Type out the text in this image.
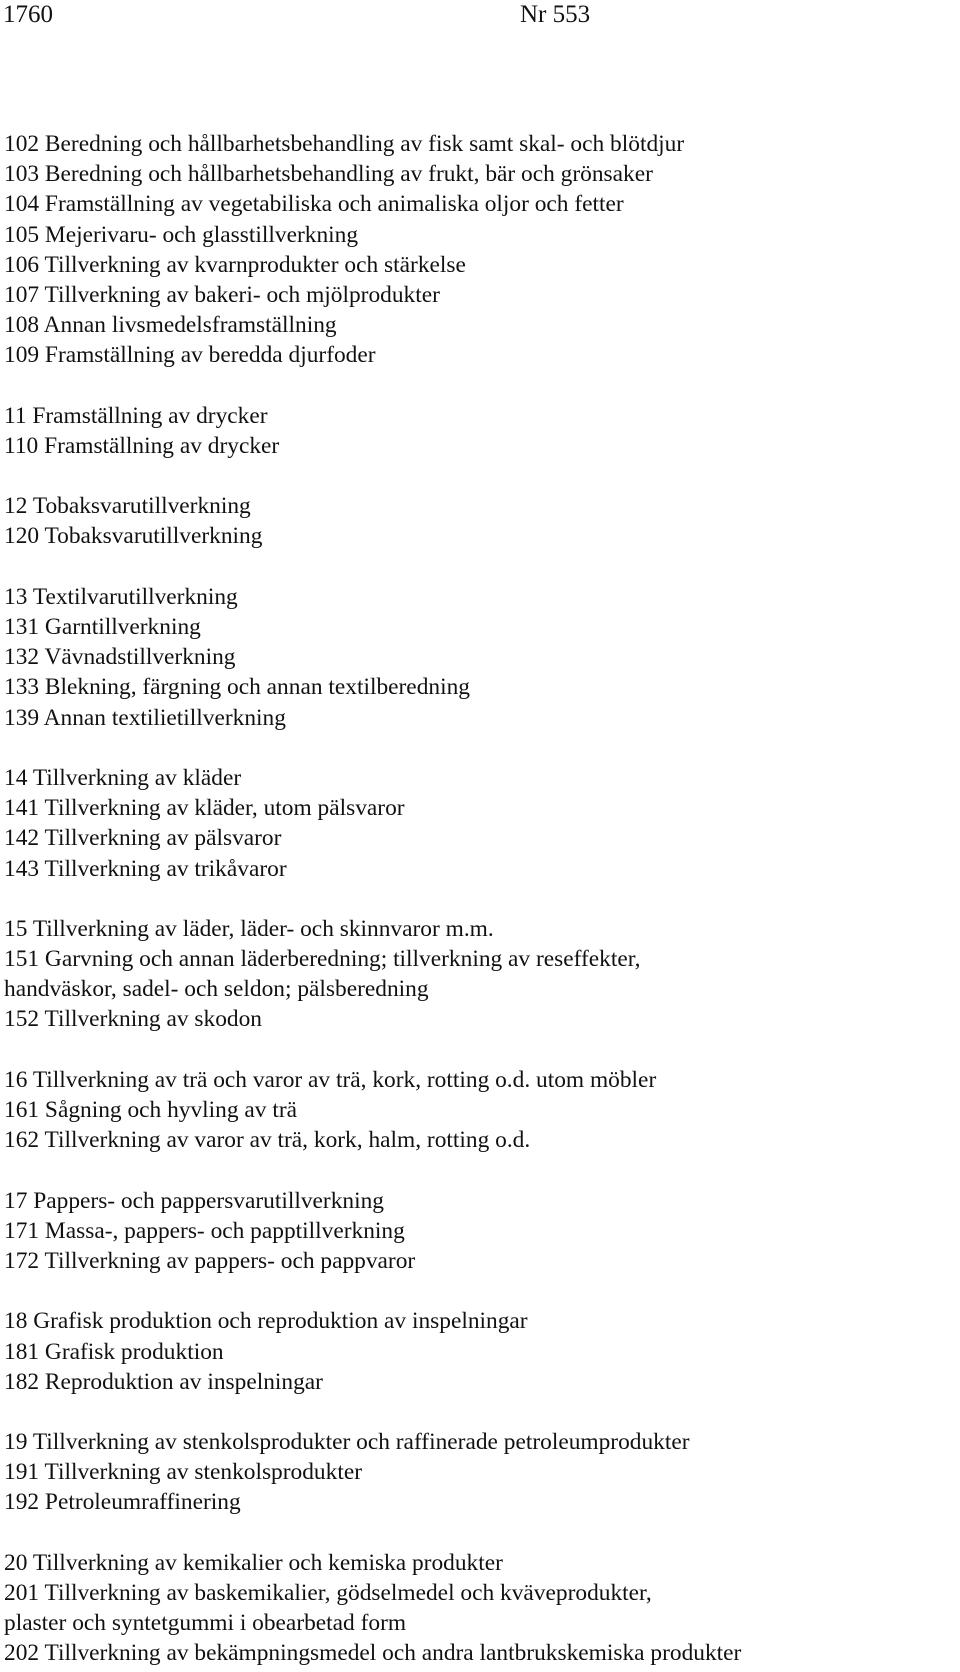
1760	Nr 553
102 Beredning och hållbarhetsbehandling av fisk samt skal- och blötdjur
103 Beredning och hållbarhetsbehandling av frukt, bär och grönsaker
104 Framställning av vegetabiliska och animaliska oljor och fetter
105 Mejerivaru- och glasstillverkning
106 Tillverkning av kvarnprodukter och stärkelse
107 Tillverkning av bakeri- och mjölprodukter
108 Annan livsmedelsframställning
109 Framställning av beredda djurfoder
11 Framställning av drycker
110 Framställning av drycker
12 Tobaksvarutillverkning
120 Tobaksvarutillverkning
13 Textilvarutillverkning
131 Garntillverkning
132 Vävnadstillverkning
133 Blekning, färgning och annan textilberedning
139 Annan textilietillverkning
14 Tillverkning av kläder
141 Tillverkning av kläder, utom pälsvaror
142 Tillverkning av pälsvaror
143 Tillverkning av trikåvaror
15 Tillverkning av läder, läder- och skinnvaror m.m.
151 Garvning och annan läderberedning; tillverkning av reseffekter,
handväskor, sadel- och seldon; pälsberedning
152 Tillverkning av skodon
16 Tillverkning av trä och varor av trä, kork, rotting o.d. utom möbler
161 Sågning och hyvling av trä
162 Tillverkning av varor av trä, kork, halm, rotting o.d.
17 Pappers- och pappersvarutillverkning
171 Massa-, pappers- och papptillverkning
172 Tillverkning av pappers- och pappvaror
18 Grafisk produktion och reproduktion av inspelningar
181 Grafisk produktion
182 Reproduktion av inspelningar
19 Tillverkning av stenkolsprodukter och raffinerade petroleumprodukter
191 Tillverkning av stenkolsprodukter
192 Petroleumraffinering
20 Tillverkning av kemikalier och kemiska produkter
201 Tillverkning av baskemikalier, gödselmedel och kväveprodukter,
plaster och syntetgummi i obearbetad form
202 Tillverkning av bekämpningsmedel och andra lantbrukskemiska produkter
